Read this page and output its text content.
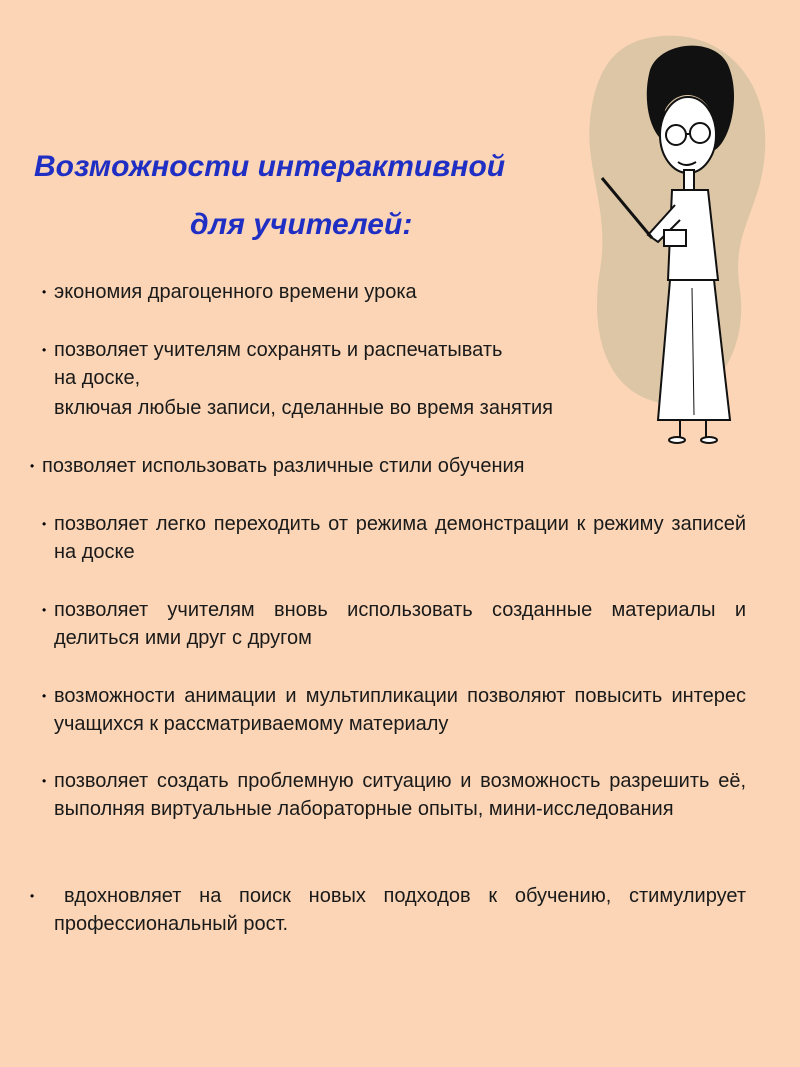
Возможности интерактивной
для учителей:
• экономия драгоценного времени урока

• позволяет учителям сохранять и распечатывать

на доске,

включая любые записи, сделанные во время занятия

• позволяет использовать различные стили обучения

• позволяет легко переходить от режима демонстрации к режиму записей на доске

• позволяет учителям вновь использовать созданные материалы и делиться ими друг с другом

• возможности анимации и мультипликации позволяют повысить интерес учащихся к рассматриваемому материалу

• позволяет создать проблемную ситуацию и возможность разрешить её, выполняя виртуальные лабораторные опыты, мини-исследования

•	вдохновляет на поиск новых подходов к обучению, стимулирует профессиональный рост.
